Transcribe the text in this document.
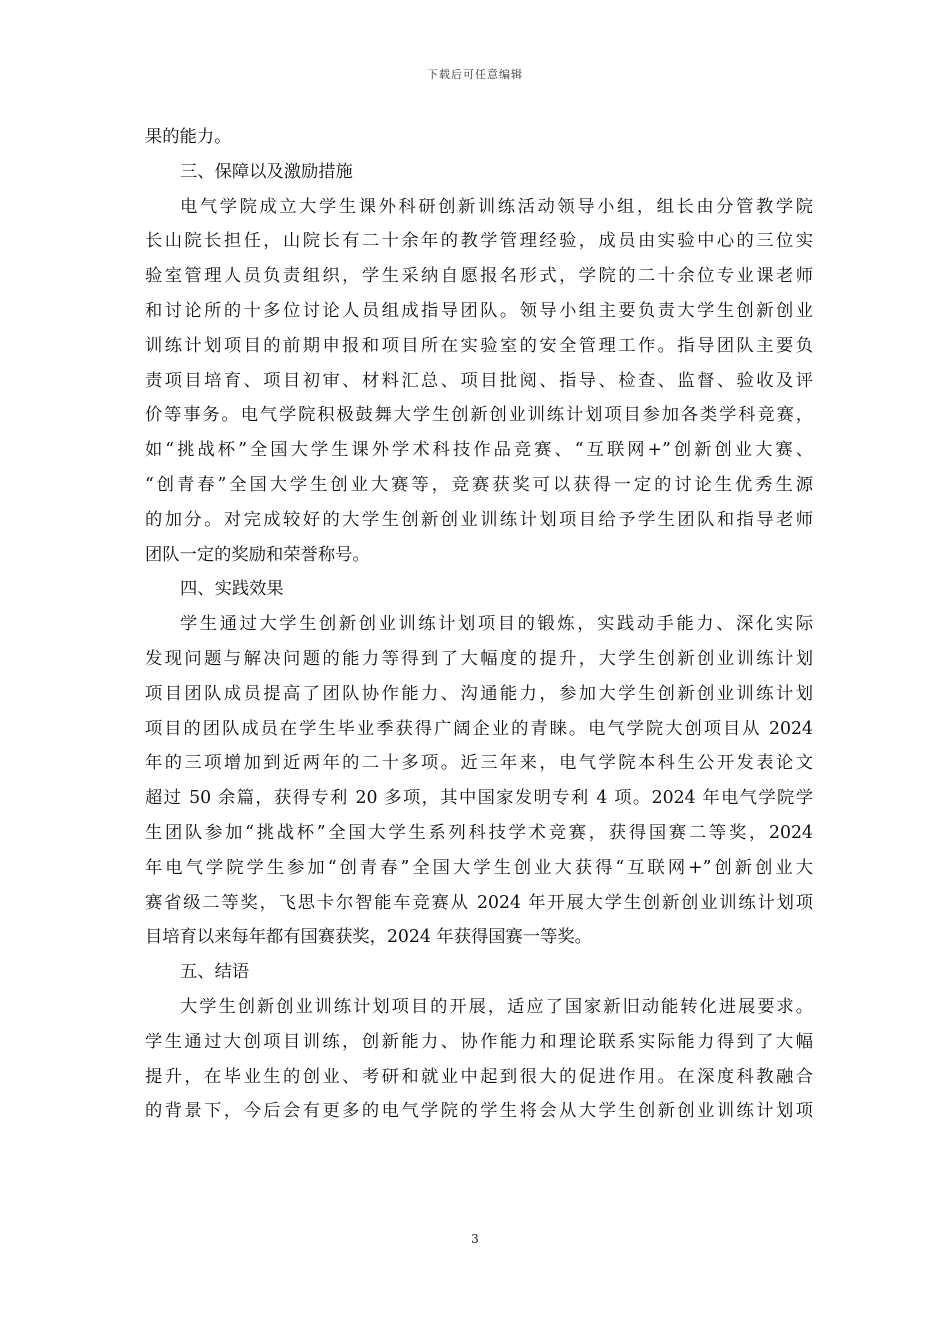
下载后可任意编辑
果的能力。
三、保障以及激励措施
电气学院成立大学生课外科研创新训练活动领导小组，组长由分管教学院
长山院长担任，山院长有二十余年的教学管理经验，成员由实验中心的三位实
验室管理人员负责组织，学生采纳自愿报名形式，学院的二十余位专业课老师
和讨论所的十多位讨论人员组成指导团队。领导小组主要负责大学生创新创业
训练计划项目的前期申报和项目所在实验室的安全管理工作。指导团队主要负
责项目培育、项目初审、材料汇总、项目批阅、指导、检查、监督、验收及评
价等事务。电气学院积极鼓舞大学生创新创业训练计划项目参加各类学科竞赛，
如“挑战杯”全国大学生课外学术科技作品竞赛、“互联网+”创新创业大赛、
“创青春”全国大学生创业大赛等，竞赛获奖可以获得一定的讨论生优秀生源
的加分。对完成较好的大学生创新创业训练计划项目给予学生团队和指导老师
团队一定的奖励和荣誉称号。
四、实践效果
学生通过大学生创新创业训练计划项目的锻炼，实践动手能力、深化实际
发现问题与解决问题的能力等得到了大幅度的提升，大学生创新创业训练计划
项目团队成员提高了团队协作能力、沟通能力，参加大学生创新创业训练计划
项目的团队成员在学生毕业季获得广阔企业的青睐。电气学院大创项目从 2024
年的三项增加到近两年的二十多项。近三年来，电气学院本科生公开发表论文
超过 50 余篇，获得专利 20 多项，其中国家发明专利 4 项。2024 年电气学院学
生团队参加“挑战杯”全国大学生系列科技学术竞赛，获得国赛二等奖，2024
年电气学院学生参加“创青春”全国大学生创业大获得“互联网+”创新创业大
赛省级二等奖，飞思卡尔智能车竞赛从 2024 年开展大学生创新创业训练计划项
目培育以来每年都有国赛获奖，2024 年获得国赛一等奖。
五、结语
大学生创新创业训练计划项目的开展，适应了国家新旧动能转化进展要求。
学生通过大创项目训练，创新能力、协作能力和理论联系实际能力得到了大幅
提升，在毕业生的创业、考研和就业中起到很大的促进作用。在深度科教融合
的背景下，今后会有更多的电气学院的学生将会从大学生创新创业训练计划项
3
